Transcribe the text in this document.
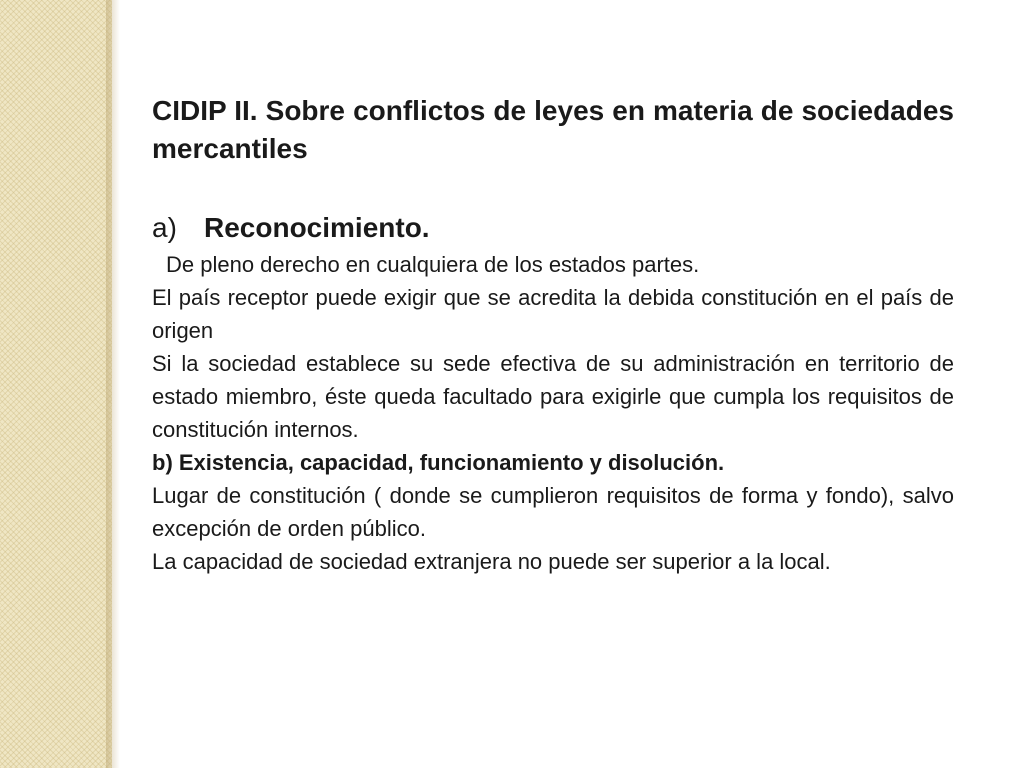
CIDIP II. Sobre conflictos de leyes en materia de sociedades mercantiles
a) Reconocimiento.

De pleno derecho en cualquiera de los estados partes.

El país receptor puede exigir que se acredita la debida constitución en el país de origen

Si la sociedad establece su sede efectiva de su administración en territorio de estado miembro, éste queda facultado para exigirle que cumpla los requisitos de constitución internos.

b) Existencia, capacidad, funcionamiento y disolución.

Lugar de constitución ( donde se cumplieron requisitos de forma y fondo), salvo excepción de orden público.

La capacidad de sociedad extranjera no puede ser superior a la local.
